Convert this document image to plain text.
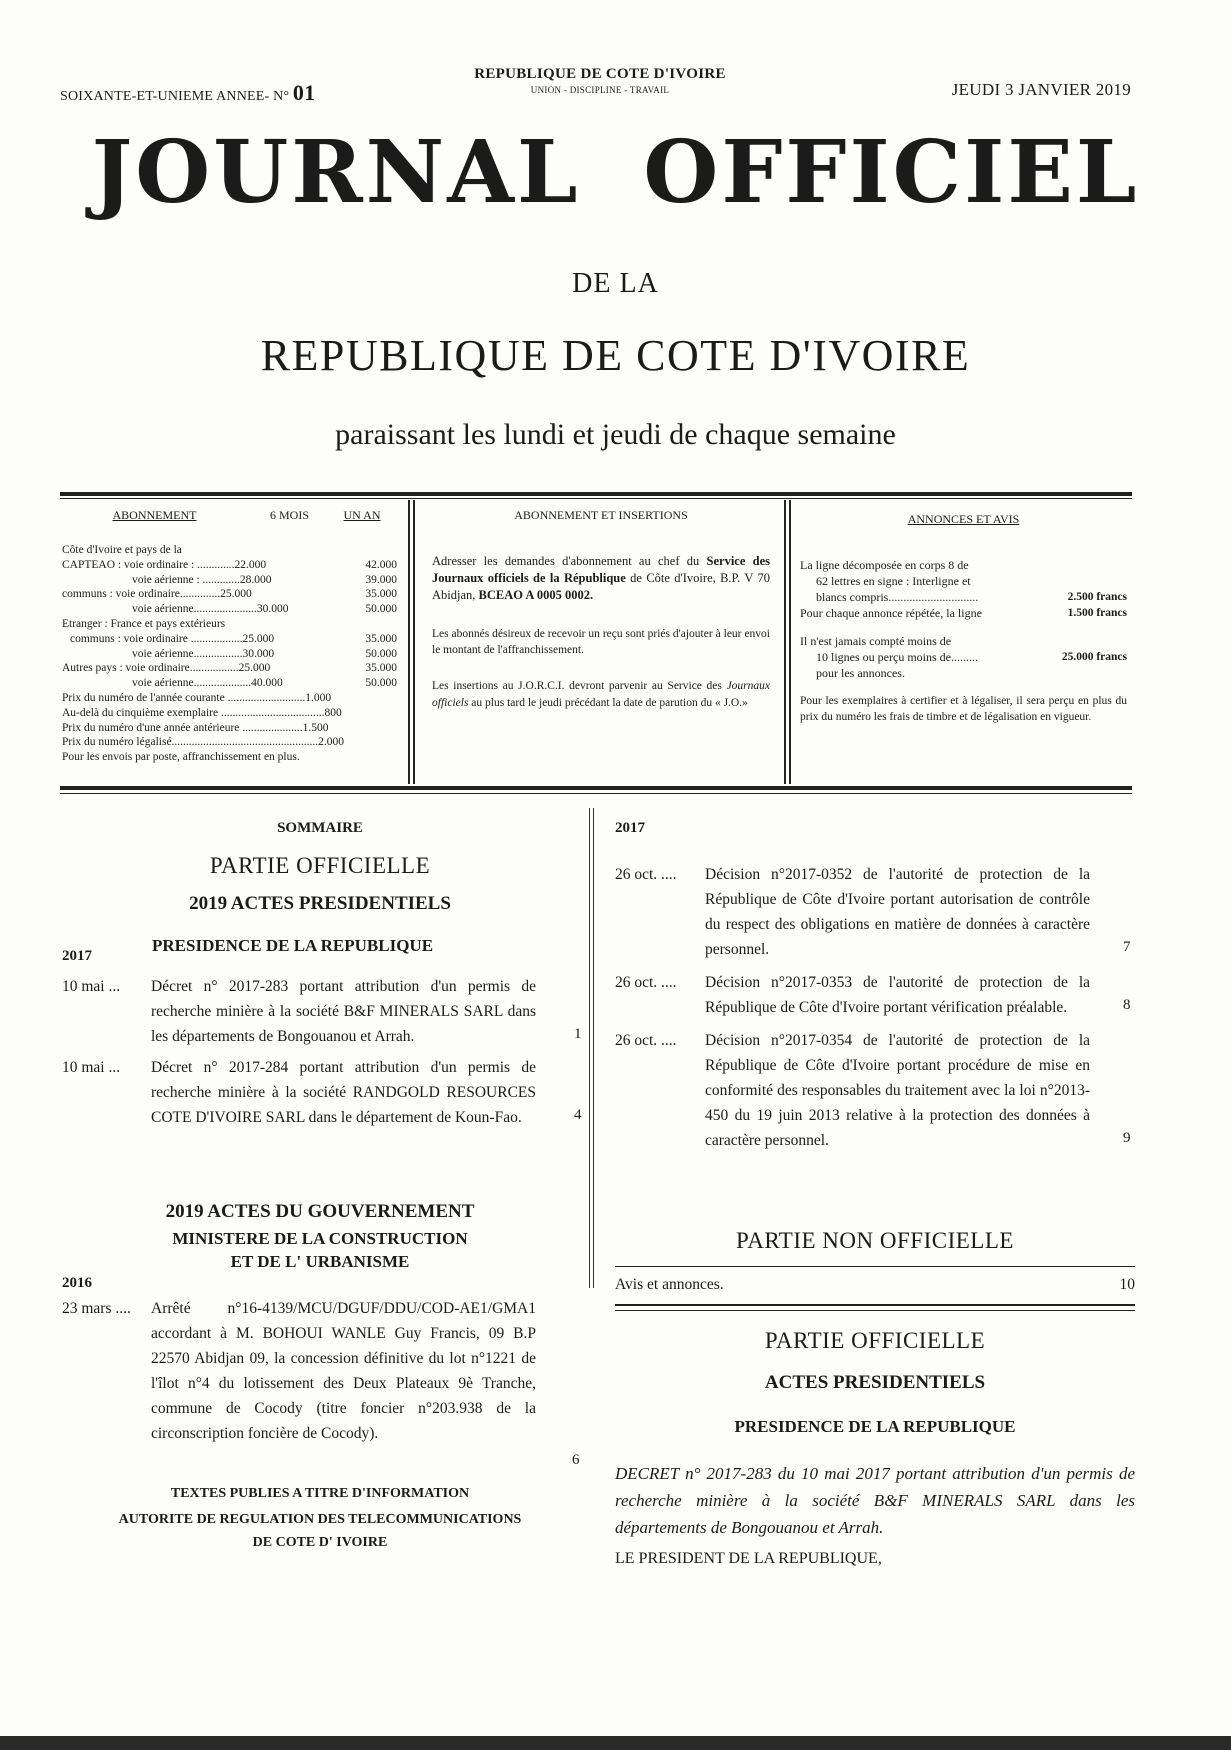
SOIXANTE-ET-UNIEME ANNEE- N° 01
REPUBLIQUE DE COTE D'IVOIRE
UNION - DISCIPLINE - TRAVAIL	JEUDI 3 JANVIER 2019
JOURNAL OFFICIEL
DE LA
REPUBLIQUE DE COTE D'IVOIRE
paraissant les lundi et jeudi de chaque semaine
ABONNEMENT	6 MOIS	UN AN
Côte d'Ivoire et pays de la
CAPTEAO : voie ordinaire : .............22.000	42.000
voie aérienne : .............28.000	39.000
communs : voie ordinaire..............25.000	35.000
voie aérienne......................30.000	50.000
Etranger : France et pays extérieurs
communs : voie ordinaire ..................25.000	35.000
voie aérienne.................30.000	50.000
Autres pays : voie ordinaire.................25.000	35.000
voie aérienne....................40.000	50.000
Prix du numéro de l'année courante ...........................1.000
Au-delà du cinquième exemplaire ....................................800
Prix du numéro d'une année antérieure .....................1.500
Prix du numéro légalisé...................................................2.000
Pour les envois par poste, affranchissement en plus.
ABONNEMENT ET INSERTIONS
Adresser les demandes d'abonnement au chef du Service des Journaux officiels de la République de Côte d'Ivoire, B.P. V 70 Abidjan, BCEAO A 0005 0002.
Les abonnés désireux de recevoir un reçu sont priés d'ajouter à leur envoi le montant de l'affranchissement.
Les insertions au J.O.R.C.I. devront parvenir au Service des Journaux officiels au plus tard le jeudi précédant la date de parution du « J.O.»
ANNONCES ET AVIS
La ligne décomposée en corps 8 de
62 lettres en signe : Interligne et
blancs compris..............................	2.500 francs
Pour chaque annonce répétée, la ligne	1.500 francs
Il n'est jamais compté moins de
10 lignes ou perçu moins de.........	25.000 francs
pour les annonces.
Pour les exemplaires à certifier et à légaliser, il sera perçu en plus du prix du numéro les frais de timbre et de légalisation en vigueur.
SOMMAIRE
PARTIE OFFICIELLE
2019 ACTES PRESIDENTIELS
PRESIDENCE DE LA REPUBLIQUE
2017
10 mai ... Décret n° 2017-283 portant attribution d'un permis de recherche minière à la société B&F MINERALS SARL dans les départements de Bongouanou et Arrah.	1
10 mai ... Décret n° 2017-284 portant attribution d'un permis de recherche minière à la société RANDGOLD RESOURCES COTE D'IVOIRE SARL dans le département de Koun-Fao.	4
2019 ACTES DU GOUVERNEMENT
MINISTERE DE LA CONSTRUCTION
ET DE L' URBANISME
2016
23 mars .... Arrêté n°16-4139/MCU/DGUF/DDU/COD-AE1/GMA1 accordant à M. BOHOUI WANLE Guy Francis, 09 B.P 22570 Abidjan 09, la concession définitive du lot n°1221 de l'îlot n°4 du lotissement des Deux Plateaux 9è Tranche, commune de Cocody (titre foncier n°203.938 de la circonscription foncière de Cocody).
6
TEXTES PUBLIES A TITRE D'INFORMATION
AUTORITE DE REGULATION DES TELECOMMUNICATIONS
DE COTE D' IVOIRE
2017
26 oct. .... Décision n°2017-0352 de l'autorité de protection de la République de Côte d'Ivoire portant autorisation de contrôle du respect des obligations en matière de données à caractère personnel.	7
26 oct. .... Décision n°2017-0353 de l'autorité de protection de la République de Côte d'Ivoire portant vérification préalable.	8
26 oct. .... Décision n°2017-0354 de l'autorité de protection de la République de Côte d'Ivoire portant procédure de mise en conformité des responsables du traitement avec la loi n°2013-450 du 19 juin 2013 relative à la protection des données à caractère personnel.	9
PARTIE NON OFFICIELLE
Avis et annonces.	10
PARTIE OFFICIELLE
ACTES PRESIDENTIELS
PRESIDENCE DE LA REPUBLIQUE
DECRET n° 2017-283 du 10 mai 2017 portant attribution d'un permis de recherche minière à la société B&F MINERALS SARL dans les départements de Bongouanou et Arrah.
LE PRESIDENT DE LA REPUBLIQUE,
